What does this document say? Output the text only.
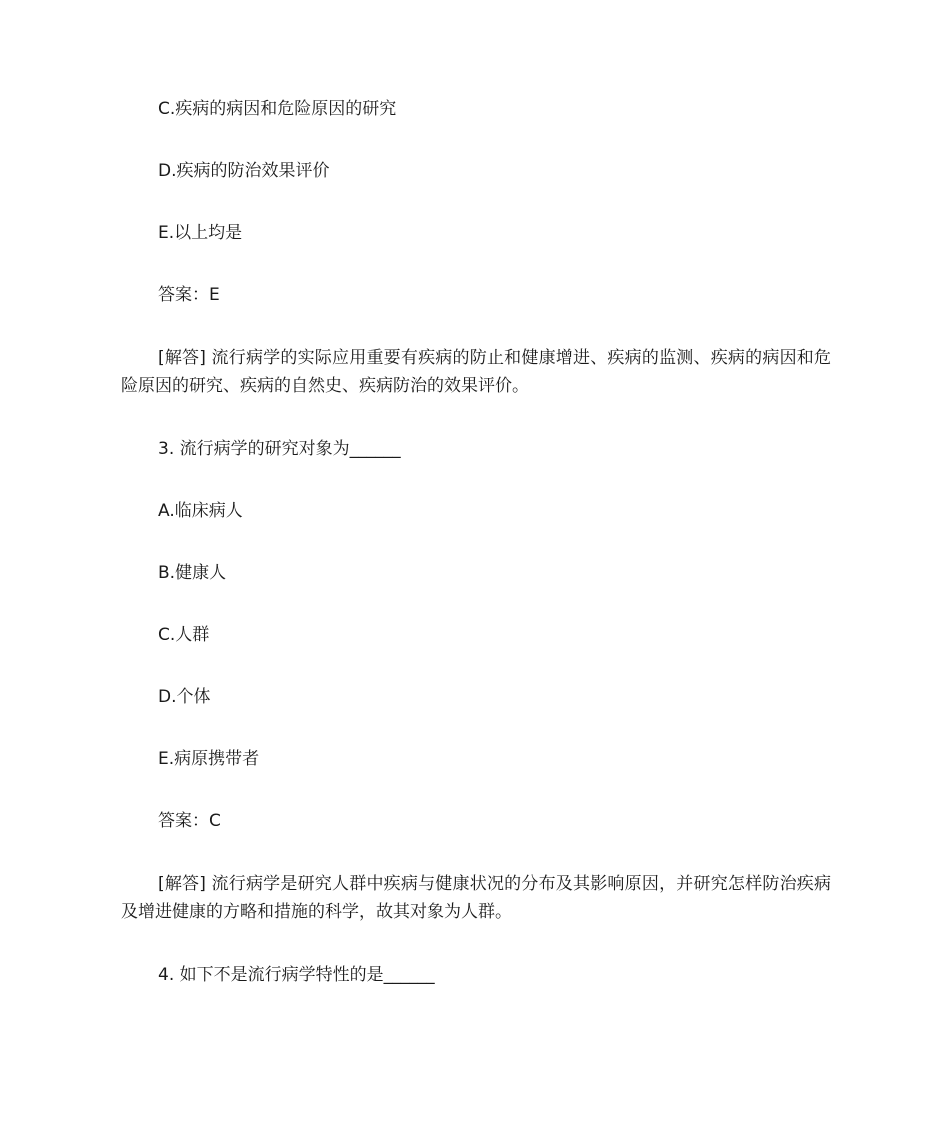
C.疾病的病因和危险原因的研究
D.疾病的防治效果评价
E.以上均是
答案：E
[解答] 流行病学的实际应用重要有疾病的防止和健康增进、疾病的监测、疾病的病因和危险原因的研究、疾病的自然史、疾病防治的效果评价。
3. 流行病学的研究对象为______
A.临床病人
B.健康人
C.人群
D.个体
E.病原携带者
答案：C
[解答] 流行病学是研究人群中疾病与健康状况的分布及其影响原因，并研究怎样防治疾病及增进健康的方略和措施的科学，故其对象为人群。
4. 如下不是流行病学特性的是______
